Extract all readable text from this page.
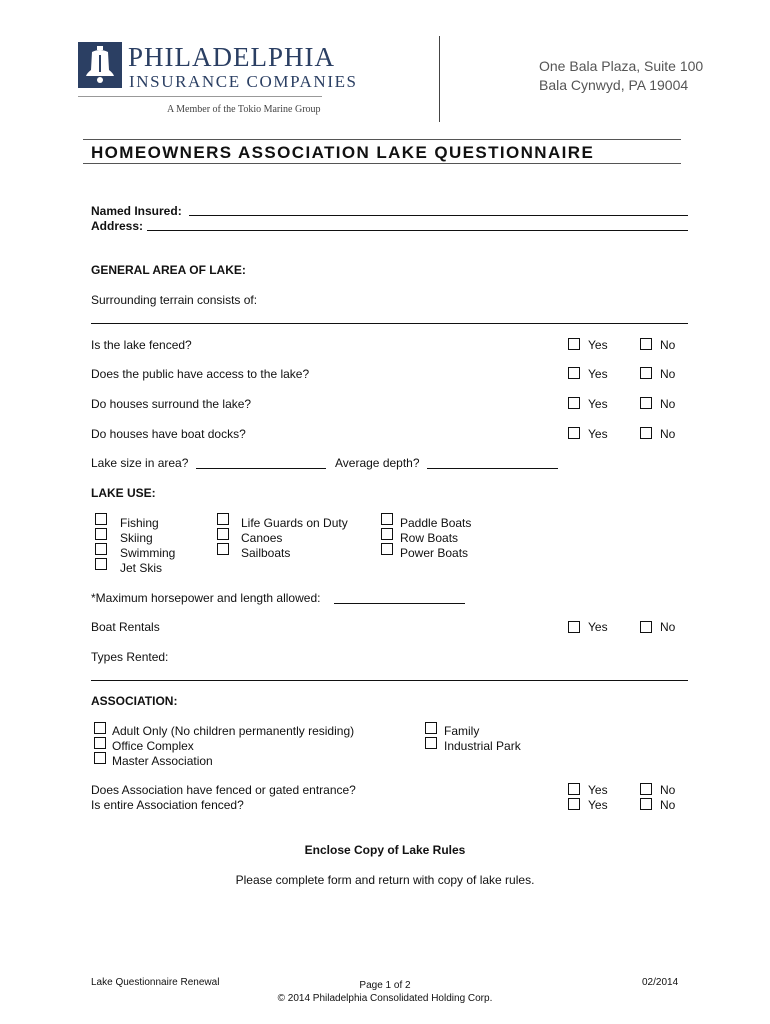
PHILADELPHIA
INSURANCE COMPANIES
A Member of the Tokio Marine Group
One Bala Plaza, Suite 100
Bala Cynwyd, PA 19004
HOMEOWNERS ASSOCIATION LAKE QUESTIONNAIRE
Named Insured:
Address:
GENERAL AREA OF LAKE:
Surrounding terrain consists of:
Is the lake fenced?	Yes	No
Does the public have access to the lake?	Yes	No
Do houses surround the lake?	Yes	No
Do houses have boat docks?	Yes	No
Lake size in area?	Average depth?
LAKE USE:
Fishing
Skiing
Swimming
Jet Skis
Life Guards on Duty
Canoes
Sailboats
Paddle Boats
Row Boats
Power Boats
*Maximum horsepower and length allowed:
Boat Rentals	Yes	No
Types Rented:
ASSOCIATION:
Adult Only (No children permanently residing)
Office Complex
Master Association
Family
Industrial Park
Does Association have fenced or gated entrance?	Yes	No
Is entire Association fenced?	Yes	No
Enclose Copy of Lake Rules
Please complete form and return with copy of lake rules.
Lake Questionnaire Renewal	Page 1 of 2
© 2014 Philadelphia Consolidated Holding Corp.
02/2014
